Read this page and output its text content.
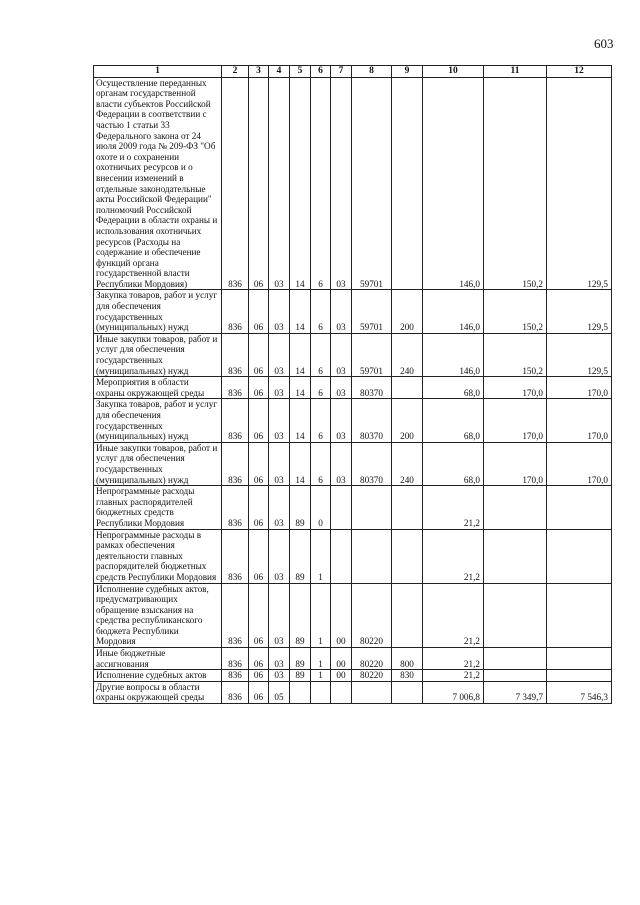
603
1	2	3	4	5	6	7	8	9	10	11	12
Осуществление переданных органам государственной власти субъектов Российской Федерации в соответствии с частью 1 статьи 33 Федерального закона от 24 июля 2009 года № 209-ФЗ "Об охоте и о сохранении охотничьих ресурсов и о внесении изменений в отдельные законодательные акты Российской Федерации" полномочий Российской Федерации в области охраны и использования охотничьих ресурсов (Расходы на содержание и обеспечение функций органа государственной власти Республики Мордовия)	836	06	03	14	6	03	59701		146,0	150,2	129,5
Закупка товаров, работ и услуг для обеспечения государственных (муниципальных) нужд	836	06	03	14	6	03	59701	200	146,0	150,2	129,5
Иные закупки товаров, работ и услуг для обеспечения государственных (муниципальных) нужд	836	06	03	14	6	03	59701	240	146,0	150,2	129,5
Мероприятия в области охраны окружающей среды	836	06	03	14	6	03	80370		68,0	170,0	170,0
Закупка товаров, работ и услуг для обеспечения государственных (муниципальных) нужд	836	06	03	14	6	03	80370	200	68,0	170,0	170,0
Иные закупки товаров, работ и услуг для обеспечения государственных (муниципальных) нужд	836	06	03	14	6	03	80370	240	68,0	170,0	170,0
Непрограммные расходы главных распорядителей бюджетных средств Республики Мордовия	836	06	03	89	0				21,2		
Непрограммные расходы в рамках обеспечения деятельности главных распорядителей бюджетных средств Республики Мордовия	836	06	03	89	1				21,2		
Исполнение судебных актов, предусматривающих обращение взыскания на средства республиканского бюджета Республики Мордовия	836	06	03	89	1	00	80220		21,2		
Иные бюджетные ассигнования	836	06	03	89	1	00	80220	800	21,2		
Исполнение судебных актов	836	06	03	89	1	00	80220	830	21,2		
Другие вопросы в области охраны окружающей среды	836	06	05						7 006,8	7 349,7	7 546,3
